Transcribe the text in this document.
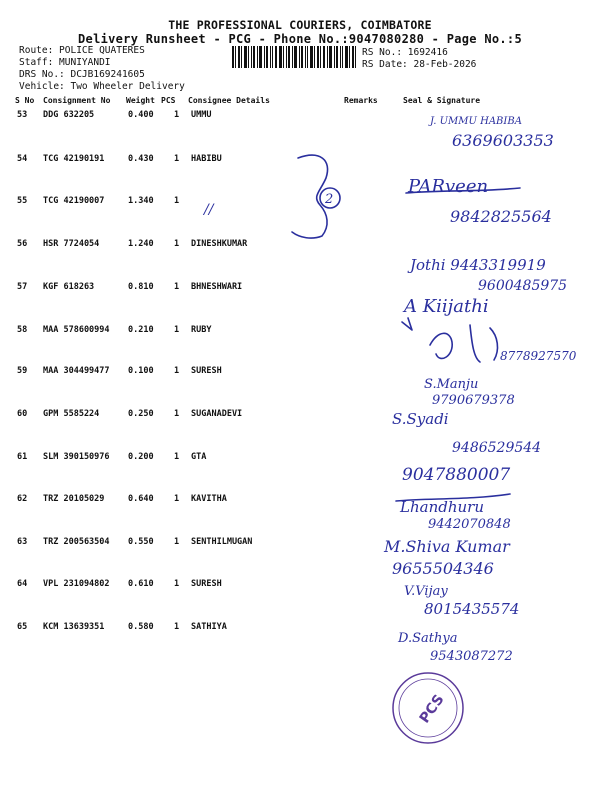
THE PROFESSIONAL COURIERS, COIMBATORE
Delivery Runsheet - PCG - Phone No.:9047080280 - Page No.:5
Route: POLICE QUATERES
Staff: MUNIYANDI
DRS No.: DCJB169241605
Vehicle: Two Wheeler Delivery
RS No.: 1692416
RS Date: 28-Feb-2026
S No Consignment No Weight PCS Consignee Details	Remarks	Seal & Signature
53 DDG 632205	0.400 1 UMMU
54 TCG 42190191	0.430 1 HABIBU
55 TCG 42190007	1.340 1
56 HSR 7724054	1.240 1 DINESHKUMAR
57 KGF 618263	0.810 1 BHNESHWARI
58 MAA 578600994 0.210 1 RUBY
59 MAA 304499477 0.100 1 SURESH
60 GPM 5585224	0.250 1 SUGANADEVI
61 SLM 390150976 0.200 1 GTA
62 TRZ 20105029	0.640 1 KAVITHA
63 TRZ 200563504 0.550 1 SENTHILMUGAN
64 VPL 231094802 0.610 1 SURESH
65 KCM 13639351	0.580 1 SATHIYA
2
//
J. UMMU HABIBA
6369603353
PARveen
9842825564
Jothi 9443319919
9600485975
A Kiijathi
8778927570
S.Manju
9790679378
S.Syadi
9486529544
9047880007
Lhandhuru
9442070848
M.Shiva Kumar
9655504346
V.Vijay
8015435574
D.Sathya
9543087272
PCS
